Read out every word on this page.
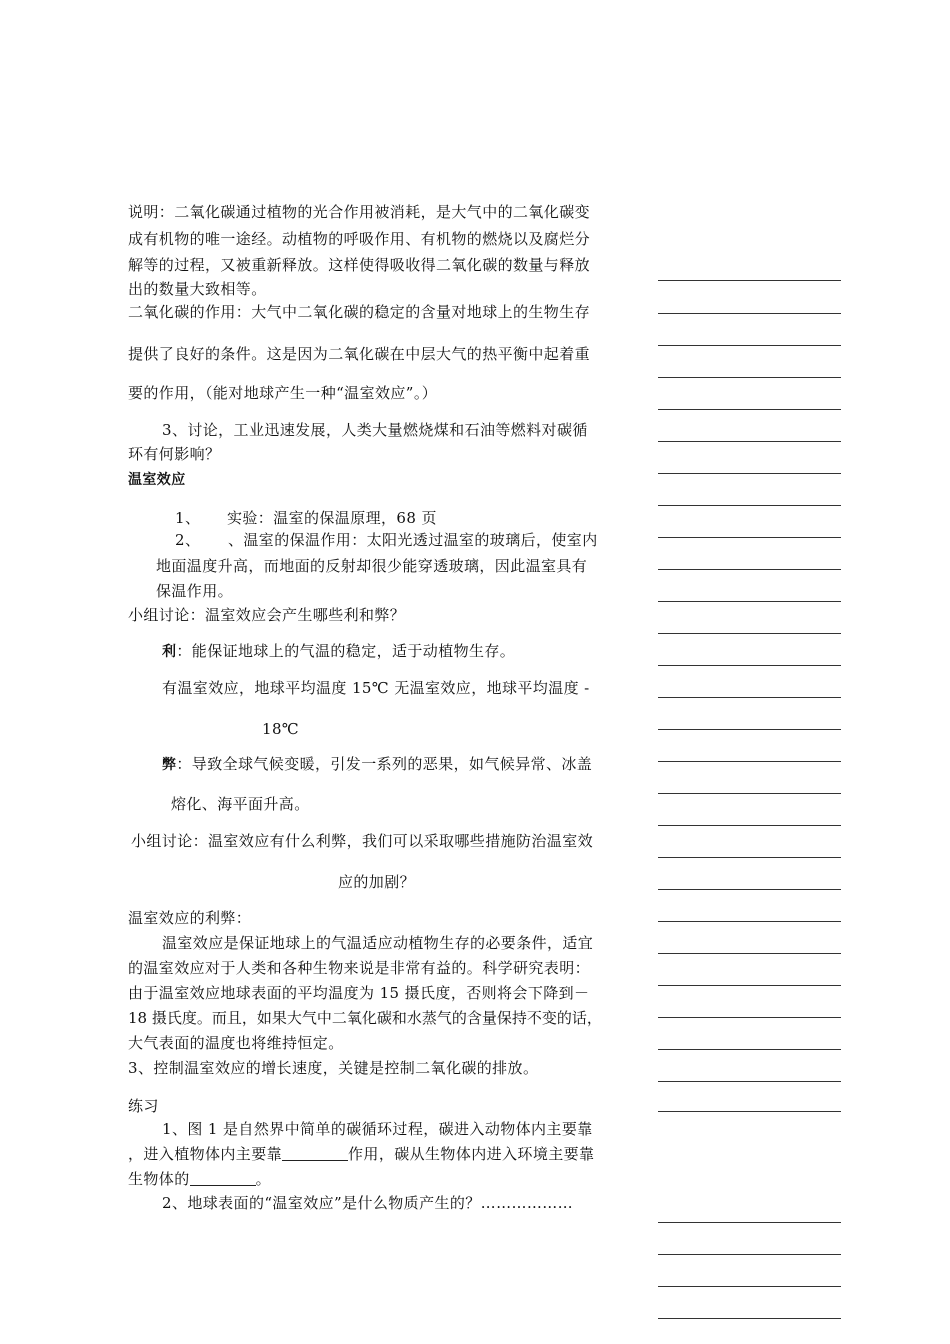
说明：二氧化碳通过植物的光合作用被消耗，是大气中的二氧化碳变
成有机物的唯一途经。动植物的呼吸作用、有机物的燃烧以及腐烂分
解等的过程，又被重新释放。这样使得吸收得二氧化碳的数量与释放
出的数量大致相等。
二氧化碳的作用：大气中二氧化碳的稳定的含量对地球上的生物生存
提供了良好的条件。这是因为二氧化碳在中层大气的热平衡中起着重
要的作用，（能对地球产生一种“温室效应”。）
3、讨论，工业迅速发展，人类大量燃烧煤和石油等燃料对碳循
环有何影响？
温室效应
1、 实验：温室的保温原理，68 页
2、 、温室的保温作用：太阳光透过温室的玻璃后，使室内
地面温度升高，而地面的反射却很少能穿透玻璃，因此温室具有
保温作用。
小组讨论：温室效应会产生哪些利和弊？
利：能保证地球上的气温的稳定，适于动植物生存。
有温室效应，地球平均温度 15℃ 无温室效应，地球平均温度 -
18℃
弊：导致全球气候变暖，引发一系列的恶果，如气候异常、冰盖
熔化、海平面升高。
小组讨论：温室效应有什么利弊，我们可以采取哪些措施防治温室效
应的加剧？
温室效应的利弊：
温室效应是保证地球上的气温适应动植物生存的必要条件，适宜
的温室效应对于人类和各种生物来说是非常有益的。科学研究表明：
由于温室效应地球表面的平均温度为 15 摄氏度，否则将会下降到－
18 摄氏度。而且，如果大气中二氧化碳和水蒸气的含量保持不变的话，
大气表面的温度也将维持恒定。
3、控制温室效应的增长速度，关键是控制二氧化碳的排放。
练习
1、图 1 是自然界中简单的碳循环过程，碳进入动物体内主要靠
，进入植物体内主要靠	作用，碳从生物体内进入环境主要靠
生物体的	。
2、地球表面的“温室效应”是什么物质产生的？………………
